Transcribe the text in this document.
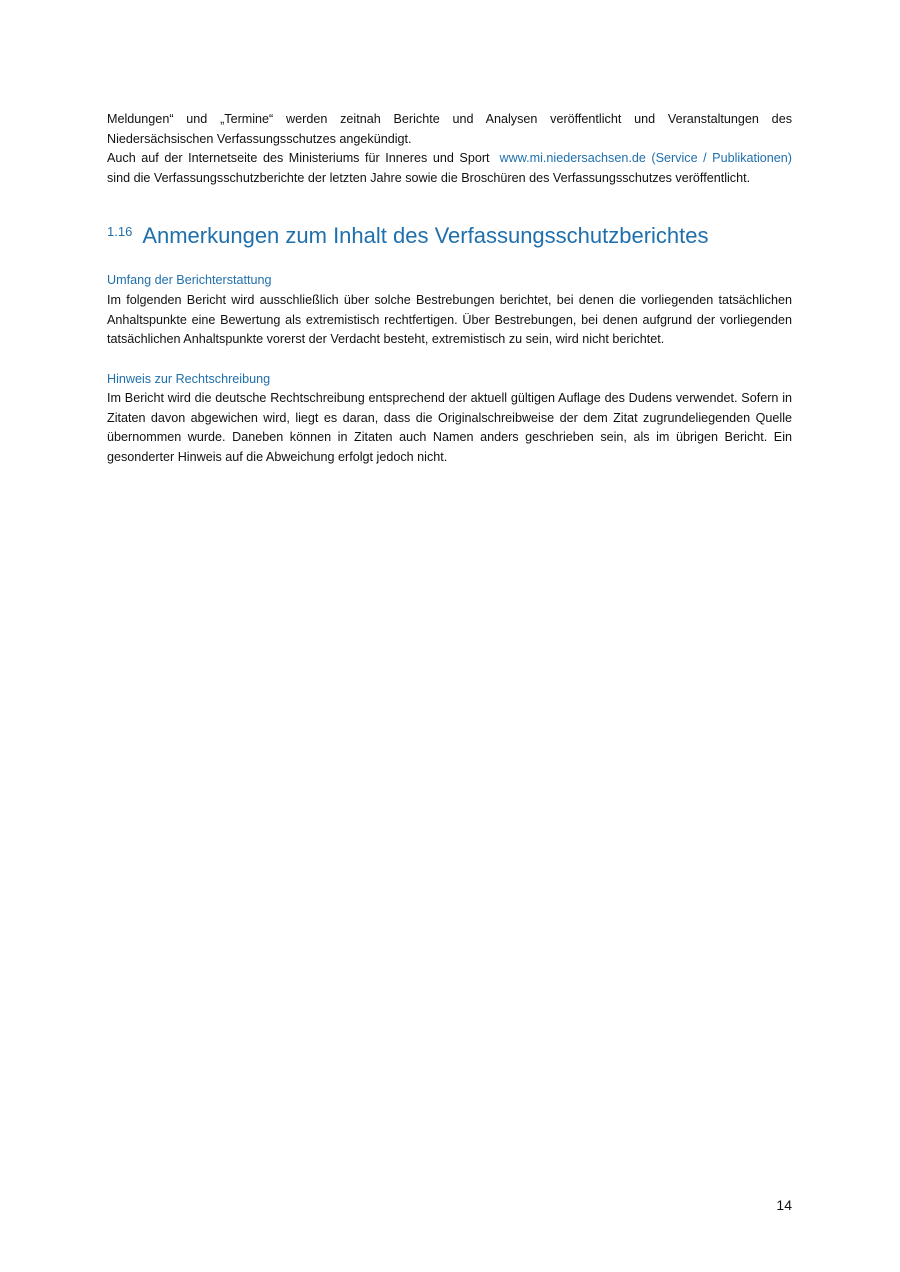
Meldungen“ und „Termine“ werden zeitnah Berichte und Analysen veröffentlicht und Veranstaltungen des Niedersächsischen Verfassungsschutzes angekündigt.

Auch auf der Internetseite des Ministeriums für Inneres und Sport www.mi.niedersachsen.de (Service / Publikationen) sind die Verfassungsschutzberichte der letzten Jahre sowie die Broschüren des Verfassungsschutzes veröffentlicht.

$^{1.16}$ Anmerkungen zum Inhalt des Verfassungsschutzberichtes
Umfang der Berichterstattung

Im folgenden Bericht wird ausschließlich über solche Bestrebungen berichtet, bei denen die vorliegenden tatsächlichen Anhaltspunkte eine Bewertung als extremistisch rechtfertigen. Über Bestrebungen, bei denen aufgrund der vorliegenden tatsächlichen Anhaltspunkte vorerst der Verdacht besteht, extremistisch zu sein, wird nicht berichtet.

Hinweis zur Rechtschreibung

Im Bericht wird die deutsche Rechtschreibung entsprechend der aktuell gültigen Auflage des Dudens verwendet. Sofern in Zitaten davon abgewichen wird, liegt es daran, dass die Originalschreibweise der dem Zitat zugrundeliegenden Quelle übernommen wurde. Daneben können in Zitaten auch Namen anders geschrieben sein, als im übrigen Bericht. Ein gesonderter Hinweis auf die Abweichung erfolgt jedoch nicht.

14
